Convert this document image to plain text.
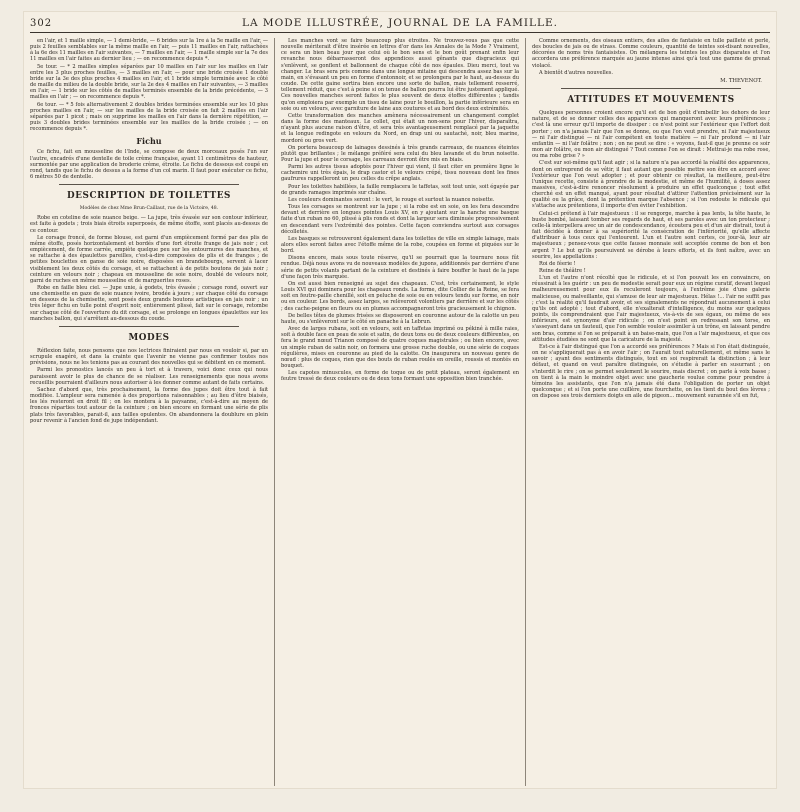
302	LA MODE ILLUSTRÉE, JOURNAL DE LA FAMILLE.

en l'air, et 1 maille simple, — 1 demi-bride, — 6 brides sur la 1re à la 5e maille en l'air, — puis 2 feuilles semblables sur la même maille en l'air, — puis 11 mailles en l'air, rattachées à la 6e des 11 mailles en l'air suivantes, — 7 mailles en l'air, — 1 maille simple sur la 7e des 11 mailles en l'air faites au dernier lieu ; — on recommence depuis *.

5e tour. — * 2 mailles simples séparées par 10 mailles en l'air sur les mailles en l'air entre les 3 plus proches feuilles, — 3 mailles en l'air, — pour une bride croisée 1 double bride sur la 3e des plus proches 4 mailles en l'air, et 1 bride simple terminée avec le côté de maille du milieu de la double bride, sur la 2e des 4 mailles en l'air suivantes, — 3 mailles en l'air, — 1 bride sur les côtés de mailles terminés ensemble de la bride précédente, — 3 mailles en l'air ; — on recommence depuis *.

6e tour. — * 5 fois alternativement 2 doubles brides terminées ensemble sur les 10 plus proches mailles en l'air, — sur les mailles de la bride croisée on fait 2 mailles en l'air séparées par 1 picot ; mais on supprime les mailles en l'air dans la dernière répétition, — puis 3 doubles brides terminées ensemble sur les mailles de la bride croisée ; — on recommence depuis *.

Fichu

Ce fichu, fait en mousseline de l'Inde, se compose de deux morceaux posés l'un sur l'autre, encadrés d'une dentelle de toile crème française, ayant 11 centimètres de hauteur, surmontée par une application de broderie crème, étroite. Le fichu de dessous est coupé en rond, tandis que le fichu de dessus a la forme d'un col marin. Il faut pour exécuter ce fichu, 6 mètres 50 de dentelle.

DESCRIPTION DE TOILETTES
Modèles de chez Mme Brun-Caillaut, rue de la Victoire, 48.

Robe en coteline de soie nuance beige. — La jupe, très évasée sur son contour inférieur, est faite à godets ; trois biais étroits superposés, de même étoffe, sont placés au-dessus de ce contour.

Le corsage froncé, de forme blouse, est garni d'un empiècement formé par des plis de même étoffe, posés horizontalement et bordés d'une fort étroite frange de jais noir ; cet empiècement, de forme carrée, empiète quelque peu sur les entournures des manches, et se rattache à des épaulettes pareilles, c'est-à-dire composées de plis et de franges ; de petites bouclettes en ganse de soie noire, disposées en brandebourgs, servent à lacer visiblement les deux côtés du corsage, et se rattachent à de petits boutons de jais noir ; ceinture en velours noir ; chapeau en mousseline de soie noire, doublé de velours noir, garni de ruches en même mousseline et de marguerites roses.

Robe en faille bleu ciel. — Jupe unie, à godets, très évasée ; corsage rond, ouvert sur une chemisette en gaze de soie nuance ivoire, brodée à jours ; sur chaque côté du corsage en dessous de la chemisette, sont posés deux grands boutons artistiques en jais noir ; un très léger fichu en tulle point d'esprit noir, entièrement plissé, fait sur le corsage, retombe sur chaque côté de l'ouverture du dit corsage, et se prolonge en longues épaulettes sur les manches ballon, qui s'arrêtent au-dessous du coude.

MODES

Réflexion faite, nous pensons que nos lectrices finiraient par nous en vouloir si, par un scrupule exagéré, et dans la crainte que l'avenir ne vienne pas confirmer toutes nos prévisions, nous ne les tenions pas au courant des nouvelles qui se débitent en ce moment.

Parmi les pronostics lancés un peu à tort et à travers, voici donc ceux qui nous paraissent avoir le plus de chance de se réaliser. Les renseignements que nous avons recueillis pourraient d'ailleurs nous autoriser à les donner comme autant de faits certains.

Sachez d'abord que, très prochainement, la forme des jupes doit être tout à fait modifiée. L'ampleur sera ramenée à des proportions raisonnables ; au lieu d'être biaisés, les lés resteront en droit fil ; on les montera à la paysanne, c'est-à-dire au moyen de fronces réparties tout autour de la ceinture ; on bien encore en formant une série de plis plats très favorables, parait-il, aux tailles opulentes. On abandonnera la doublure en plein pour revenir à l'ancien fond de jupe indépendant.

Les manches vont se faire beaucoup plus étroites. Ne trouvez-vous pas que cette nouvelle mériterait d'être insérée en lettres d'or dans les Annales de la Mode ? Vraiment, ce sera un bien beau jour que celui où le bon sens et le bon goût prenant enfin leur revanche nous débarrasseront des appendices aussi gênants que disgracieux qui s'enlèvent, se gonflent et ballonnent de chaque côté de nos épaules. Dieu merci, tout va changer. Le bras sera pris comme dans une longue mitaine qui descendra assez bas sur la main, en s'évasant un peu en forme d'entonnoir, et se prolongera par le haut, au-dessus du coude. De cette gaine sortira bien encore une sorte de ballon, mais tellement resserré, tellement réduit, que c'est à peine si on tenue de ballon pourra lui être justement appliqué. Ces nouvelles manches seront faites le plus souvent de deux étoffes différentes ; tandis qu'on emploiera par exemple un tissu de laine pour le bouillon, la partie inférieure sera en soie ou en velours, avec garniture de laine aux coutures et au bord des deux extrémités.

Cette transformation des manches amènera nécessairement un changement complet dans la forme des manteaux. Le collet, qui était un non-sens pour l'hiver, disparaîtra, n'ayant plus aucune raison d'être, et sera très avantageusement remplacé par la jaquette et la longue redingote en velours du Nord, en drap uni ou sautaché, noir, bleu marine, mordoré ou gros vert.

On portera beaucoup de lainages dessinés à très grands carreaux, de nuances éteintes plutôt que brillantes ; le mélange préféré sera celui du bleu lavande et du brun noisette. Pour la jupe et pour le corsage, les carreaux devront être mis en biais.

Parmi les autres tissus adoptés pour l'hiver qui vient, il faut citer en première ligne le cachemire uni très épais, le drap castor et le velours crépé, tissu nouveau dont les fines gaufrures rappelleront un peu celles du crêpe anglais.

Pour les toilettes habillées, la faille remplacera le taffetas, soit tout unie, soit égayée par de grands ramages imprimés sur chaîne.

Les couleurs dominantes seront : le vert, le rouge et surtout la nuance noisette.

Tous les corsages se montrent sur la jupe ; si la robe est en soie, on les fera descendre devant et derrière en longues pointes Louis XV, en y ajoutant sur la hanche une basque faite d'un ruban no 60, plissé à plis ronds et dont la largeur sera diminuée progressivement en descendant vers l'extrémité des pointes. Cette façon conviendra surtout aux corsages décolletés.

Les basques se retrouveront également dans les toilettes de ville en simple lainage, mais alors elles seront faites avec l'étoffe même de la robe, coupées en forme et piquées sur le bord.

Disons encore, mais sous toute réserve, qu'il se pourrait que la tournure nous fût rendue. Déjà nous avons vu de nouveaux modèles de jupons, additionnés par derrière d'une série de petits volants partant de la ceinture et destinés à faire bouffer le haut de la jupe d'une façon très marquée.

On est aussi bien renseigné au sujet des chapeaux. C'est, très certainement, le style Louis XVI qui dominera pour les chapeaux ronds. La forme, dite Collier de la Reine, se fera soit en feutre-paille chenillé, soit en peluche de soie ou en velours tendu sur forme, en noir ou en couleur. Les bords, assez larges, se relèveront volontiers par derrière et sur les côtés ; des cache-peigne en fleurs ou en plumes accompagneront très gracieusement le chignon.

De belles têtes de plumes frisées se disposeront en couronne autour de la calotte un peu haute, ou s'enlèveront sur le côté en panache à la Lebrun.

Avec de larges rubans, soit en velours, soit en taffetas imprimé ou pékiné à mille raies, soit à double face en peau de soie et satin, de deux tons ou de deux couleurs différentes, on fera le grand nœud Trianon composé de quatre coques magistrales ; ou bien encore, avec un simple ruban de satin noir, on formera une grosse ruche double, ou une série de coques régulières, mises en couronne au pied de la calotte. On inaugurera un nouveau genre de nœud : plus de coques, rien que des bouts de ruban roulés en oreille, roussis et montés en bouquet.

Les capotes minuscules, en forme de toque ou de petit plateau, seront également en feutre tressé de deux couleurs ou de deux tons formant une opposition bien tranchée.

Comme ornements, des oiseaux entiers, des ailes de fantaisie en tulle pailleté et perlé, des boucles de jais ou de strass. Comme couleurs, quantité de teintes soi-disant nouvelles, décorées de noms très fantaisistes. On mélangera les teintes les plus disparates et l'on accordera une préférence marquée au jaune intense ainsi qu'à tout une gamme de grenat violacé.

A bientôt d'autres nouvelles.

M. THEVENOT.
ATTITUDES ET MOUVEMENTS

Quelques personnes croient encore qu'il est de bon goût d'embellir les dehors de leur nature, et de se donner celles des apparences qui manqueront avec leurs préférences ; c'est là une erreur qu'il importe de dissiper : ce n'est point sur l'extérieur que l'effort doit porter ; on n'a jamais l'air que l'on se donne, ou que l'on veut prendre, ni l'air majestueux — ni l'air distingué — ni l'air compétent en toute matière — ni l'air profond — ni l'air enfantin — ni l'air folâtre ; non ; on ne peut se dire : « voyons, faut-il que je prenne ce soir mon air folâtre, ou mon air distingué ? Tout comme l'on se dirait : Mettrai-je ma robe rose, ou ma robe grise ? »

C'est sur soi-même qu'il faut agir ; si la nature n'a pas accordé la réalité des apparences, dont on entreprend de se vêtir, il faut autant que possible mettre son être en accord avec l'extérieur que l'on veut adopter ; et pour obtenir ce résultat, la meilleure, peut-être l'unique recette, consiste à prendre de la modestie, et même de l'humilité, à doses assez massives, c'est-à-dire renoncer résolument à produire un effet quelconque ; tout effet cherché est un effet manqué, ayant pour résultat d'attirer l'attention précisément sur la qualité ou la grâce, dont la prétention marque l'absence ; si l'on redoute le ridicule qui s'attache aux prétentions, il importe d'en éviter l'exhibition.

Celui-ci prétend à l'air majestueux : il se rengorge, marche à pas lents, la tête haute, le buste bombé, laissant tomber ses regards de haut, et ses paroles avec un ton protecteur ; celle-là interpellera avec un air de condescendance, écoutera peu et d'un air distrait, tout à fait décidée à donner à sa supériorité la consécration de l'infériorité, qu'elle affecte d'attribuer à tous ceux qui l'entourent. L'un et l'autre sont certes, ce jour-là, leur air majestueux ; pensez-vous que cette fausse monnaie soit acceptée comme de bon et bon argent ? Le but qu'ils poursuivent se dérobe à leurs efforts, et ils font naître, avec un sourire, les appellations :

Roi de féerie !

Reine de théâtre !

L'un et l'autre n'ont récolté que le ridicule, et si l'on pouvait les en convaincre, on réussirait à les guérir : un peu de modestie serait pour eux un régime curatif, devant lequel malheureusement pour eux ils reculeront toujours, à l'extrême joie d'une galerie malicieuse, ou malveillante, qui s'amuse de leur air majestueux. Hélas !... l'air ne suffit pas ; c'est la réalité qu'il faudrait avoir, et ses signalements ne répondrait aucunement à celui qu'ils ont adopté ; tout d'abord, elle n'exalterait d'intelligence, du moins sur quelques points, ils comprendraient que l'air majestueux, vis-à-vis de ses égaux, ou même de ses inférieurs, est synonyme d'air ridicule ; on n'est point en redressant son torse, en s'asseyant dans un fauteuil, que l'on semble vouloir assimiler à un trône, en laissant pendre son bras, comme si l'on se préparait à un baise-main, que l'on a l'air majestueux, et que ces attitudes étudiées ne sont que la caricature de la majesté.

Est-ce à l'air distingué que l'on a accordé ses préférences ? Mais si l'on était distinguée, on ne s'appliquerait pas à en avoir l'air ; on l'aurait tout naturellement, et même sans le savoir ; ayant des sentiments distingués, tout en soi respirerait la distinction ; à leur défaut, et quand on veut paraître distinguée, on s'étudie à parler en susurrant ; on s'interdit le rire ; on se permet seulement le sourire, mais discret ; on parle à voix basse ; on tient à la main le moindre objet avec une gaucherie voulue comme pour prendre à témoins les assistants, que l'on n'a jamais été dans l'obligation de porter un objet quelconque ; et si l'on porte une cuillère, une fourchette, on les tient du bout des lèvres ; on dispose ses trois derniers doigts en aile de pigeon... mouvement surannée s'il en fut,
